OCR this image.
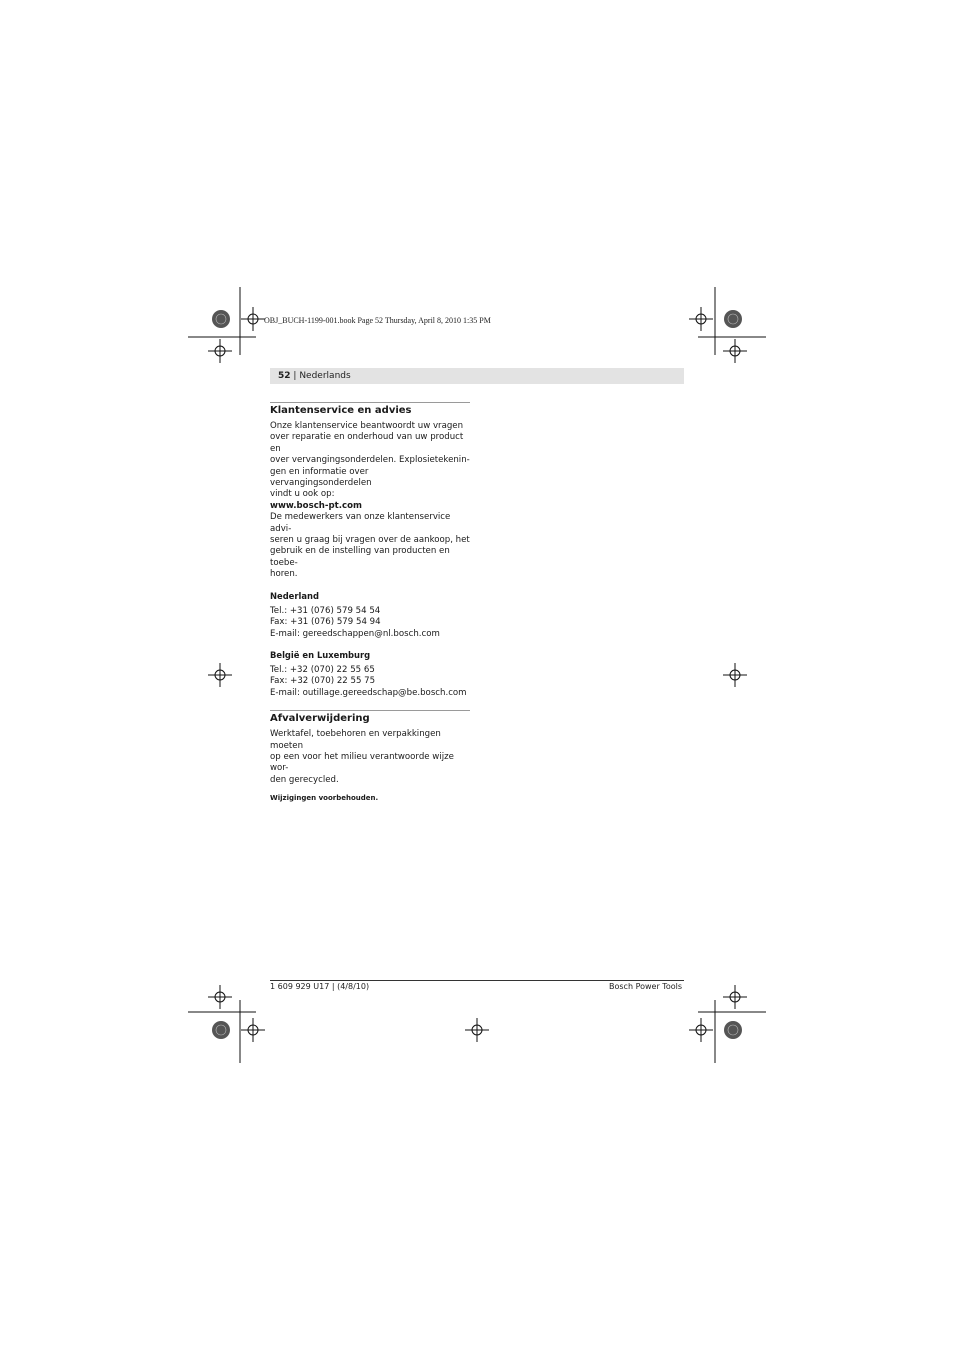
OBJ_BUCH-1199-001.book Page 52 Thursday, April 8, 2010 1:35 PM
52 | Nederlands
Klantenservice en advies

Onze klantenservice beantwoordt uw vragen
over reparatie en onderhoud van uw product en
over vervangingsonderdelen. Explosietekenin-
gen en informatie over vervangingsonderdelen
vindt u ook op:

www.bosch-pt.com

De medewerkers van onze klantenservice advi-
seren u graag bij vragen over de aankoop, het
gebruik en de instelling van producten en toebe-
horen.

Nederland

Tel.: +31 (076) 579 54 54

Fax: +31 (076) 579 54 94

E-mail: gereedschappen@nl.bosch.com

België en Luxemburg

Tel.: +32 (070) 22 55 65

Fax: +32 (070) 22 55 75

E-mail: outillage.gereedschap@be.bosch.com

Afvalverwijdering

Werktafel, toebehoren en verpakkingen moeten
op een voor het milieu verantwoorde wijze wor-
den gerecycled.

Wijzigingen voorbehouden.
1 609 929 U17 | (4/8/10)	Bosch Power Tools
